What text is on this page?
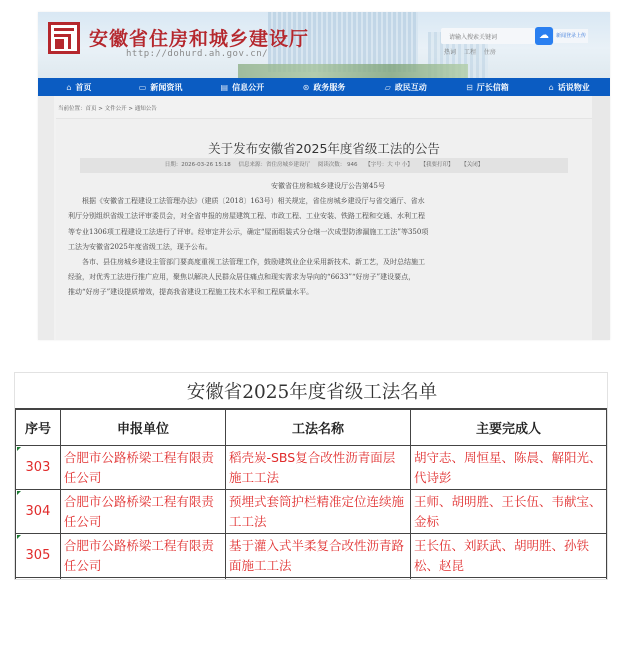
安徽省住房和城乡建设厅
http://dohurd.ah.gov.cn/
请输入搜索关键词	☁	新闻登录上传
热词 工程 住房
⌂ 首页	▭ 新闻资讯	▤ 信息公开	⊛ 政务服务	▱ 政民互动	⊟ 厅长信箱	⌂ 话说物业
当前位置：首页 > 文件公开 > 通知公告
关于发布安徽省2025年度省级工法的公告
日期：2026-03-26 15:18 信息来源：省住房城乡建设厅 阅读次数： 946 【字号：大 中 小】 【我要打印】 【关闭】

安徽省住房和城乡建设厅公告第45号

根据《安徽省工程建设工法管理办法》（建质〔2018〕163号）相关规定，省住房城乡建设厅与省交通厅、省水

利厅分别组织省级工法评审委员会，对全省申报的房屋建筑工程、市政工程、工业安装、铁路工程和交通、水利工程

等专业1306项工程建设工法进行了评审。经审定并公示，确定“屋面组装式分仓继一次成型防渗漏施工工法”等350项

工法为安徽省2025年度省级工法，现予公布。

各市、县住房城乡建设主管部门要高度重视工法管理工作，鼓励建筑业企业采用新技术、新工艺，及时总结施工

经验，对优秀工法进行推广应用，聚焦以解决人民群众居住痛点和现实需求为导向的“6633”“好房子”建设要点，

推动“好房子”建设提质增效，提高我省建设工程施工技术水平和工程质量水平。

安徽省2025年度省级工法名单
序号	申报单位	工法名称	主要完成人
303	合肥市公路桥梁工程有限责任公司	稻壳炭-SBS复合改性沥青面层施工工法	胡守志、周恒星、陈晨、解阳光、代诗彭
304	合肥市公路桥梁工程有限责任公司	预埋式套筒护栏精准定位连续施工工法	王师、胡明胜、王长伍、韦献宝、金标
305	合肥市公路桥梁工程有限责任公司	基于灌入式半柔复合改性沥青路面施工工法	王长伍、刘跃武、胡明胜、孙铁松、赵昆
